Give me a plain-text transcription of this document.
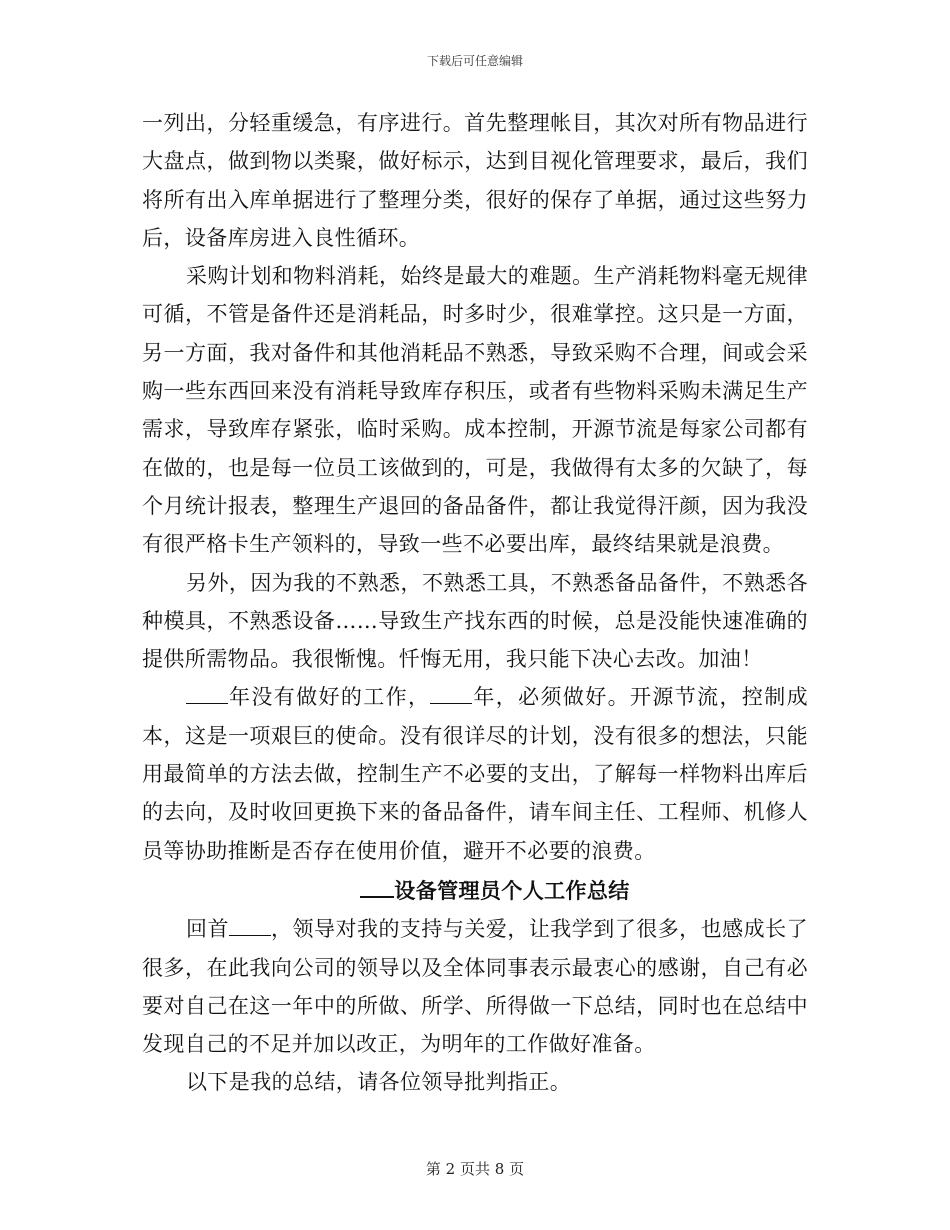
下载后可任意编辑

一列出，分轻重缓急，有序进行。首先整理帐目，其次对所有物品进行大盘点，做到物以类聚，做好标示，达到目视化管理要求，最后，我们将所有出入库单据进行了整理分类，很好的保存了单据，通过这些努力后，设备库房进入良性循环。

采购计划和物料消耗，始终是最大的难题。生产消耗物料毫无规律可循，不管是备件还是消耗品，时多时少，很难掌控。这只是一方面，另一方面，我对备件和其他消耗品不熟悉，导致采购不合理，间或会采购一些东西回来没有消耗导致库存积压，或者有些物料采购未满足生产需求，导致库存紧张，临时采购。成本控制，开源节流是每家公司都有在做的，也是每一位员工该做到的，可是，我做得有太多的欠缺了，每个月统计报表，整理生产退回的备品备件，都让我觉得汗颜，因为我没有很严格卡生产领料的，导致一些不必要出库，最终结果就是浪费。

另外，因为我的不熟悉，不熟悉工具，不熟悉备品备件，不熟悉各种模具，不熟悉设备……导致生产找东西的时候，总是没能快速准确的提供所需物品。我很惭愧。忏悔无用，我只能下决心去改。加油！

年没有做好的工作， 年，必须做好。开源节流，控制成本，这是一项艰巨的使命。没有很详尽的计划，没有很多的想法，只能用最简单的方法去做，控制生产不必要的支出，了解每一样物料出库后的去向，及时收回更换下来的备品备件，请车间主任、工程师、机修人员等协助推断是否存在使用价值，避开不必要的浪费。

设备管理员个人工作总结

回首 ，领导对我的支持与关爱，让我学到了很多，也感成长了很多，在此我向公司的领导以及全体同事表示最衷心的感谢，自己有必要对自己在这一年中的所做、所学、所得做一下总结，同时也在总结中发现自己的不足并加以改正，为明年的工作做好准备。

以下是我的总结，请各位领导批判指正。

第 2 页共 8 页
